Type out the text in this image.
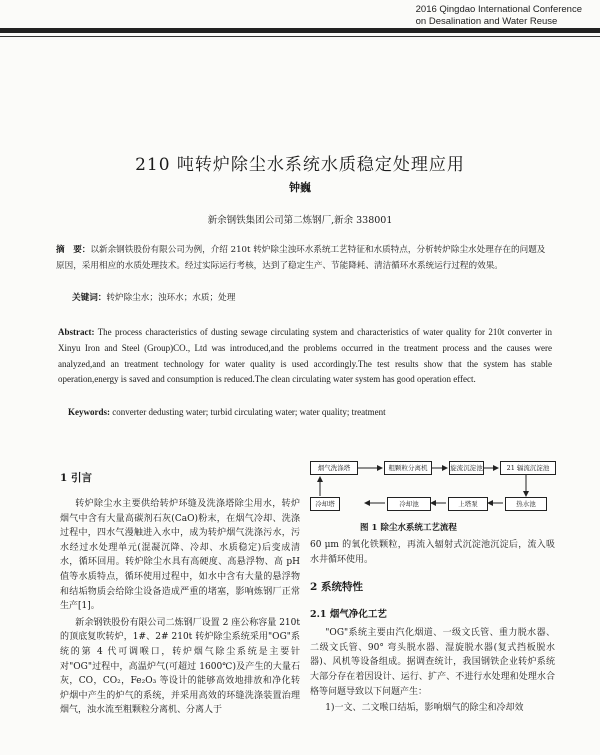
2016 Qingdao International Conference
on Desalination and Water Reuse
210 吨转炉除尘水系统水质稳定处理应用
钟巍
新余钢铁集团公司第二炼钢厂,新余 338001
摘　要：以新余钢铁股份有限公司为例，介绍 210t 转炉除尘浊环水系统工艺特征和水质特点，分析转炉除尘水处理存在的问题及原因，采用相应的水质处理技术。经过实际运行考核，达到了稳定生产、节能降耗、清洁循环水系统运行过程的效果。
关键词：转炉除尘水；浊环水；水质；处理
Abstract: The process characteristics of dusting sewage circulating system and characteristics of water quality for 210t converter in Xinyu Iron and Steel (Group)CO., Ltd was introduced,and the problems occurred in the treatment process and the causes were analyzed,and an treatment technology for water quality is used accordingly.The test results show that the system has stable operation,energy is saved and consumption is reduced.The clean circulating water system has good operation effect.
Keywords: converter dedusting water; turbid circulating water; water quality; treatment
1 引言

转炉除尘水主要供给转炉环缝及洗涤塔除尘用水，转炉烟气中含有大量高碳剂石灰(CaO)粉末，在烟气冷却、洗涤过程中，四水气漫触进入水中，成为转炉烟气洗涤污水，污水经过水处理单元(混凝沉降、冷却、水质稳定)后变成清水，循环回用。转炉除尘水具有高硬度、高悬浮物、高 pH 值等水质特点，循环使用过程中，如水中含有大量的悬浮物和结垢物质会给除尘设备造成严重的堵塞，影响炼钢厂正常生产[1]。

新余钢铁股份有限公司二炼钢厂设置 2 座公称容量 210t 的顶底复吹转炉，1#、2# 210t 转炉除尘系统采用"OG"系统的第 4 代可调喉口，转炉烟气除尘系统是主要针对"OG"过程中，高温炉气(可超过 1600℃)及产生的大量石灰，CO，CO₂，Fe₂O₃ 等设计的能够高效地排放和净化转炉烟中产生的炉气的系统，并采用高效的环缝洗涤装置治理烟气，浊水流至粗颗粒分离机、分离人于

烟气洗涤塔	粗颗粒分离机	旋流沉淀池	21 辐流沉淀池
冷却塔	冷却池	上塔泵	热水池
图 1 除尘水系统工艺流程

60 μm 的氧化铁颗粒，再流入辐射式沉淀池沉淀后，流入吸水井循环使用。

2 系统特性
2.1 烟气净化工艺

"OG"系统主要由汽化烟道、一级文氏管、重力脱水器、二级文氏管、90° 弯头脱水器、湿旋脱水器(复式挡板脱水器)、风机等设备组成。据调查统计，我国钢铁企业转炉系统大部分存在着因设计、运行、扩产、不进行水处理和处理水合格等问题导致以下问题产生：

1)一文、二文喉口结垢，影响烟气的除尘和冷却效
